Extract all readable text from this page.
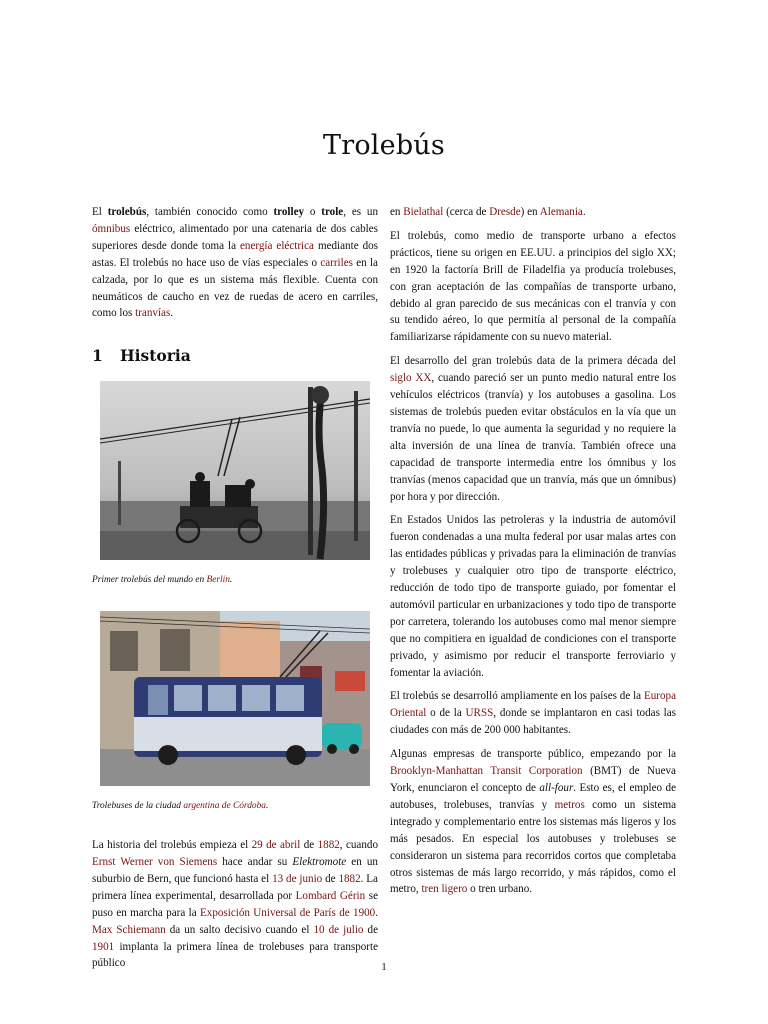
Trolebús

El trolebús, también conocido como trolley o trole, es un ómnibus eléctrico, alimentado por una catenaria de dos cables superiores desde donde toma la energía eléctrica mediante dos astas. El trolebús no hace uso de vías especiales o carriles en la calzada, por lo que es un sistema más flexible. Cuenta con neumáticos de caucho en vez de ruedas de acero en carriles, como los tranvías.

1 Historia
Primer trolebús del mundo en Berlín.
Trolebuses de la ciudad argentina de Córdoba.

La historia del trolebús empieza el 29 de abril de 1882, cuando Ernst Werner von Siemens hace andar su Elektromote en un suburbio de Bern, que funcionó hasta el 13 de junio de 1882. La primera línea experimental, desarrollada por Lombard Gérin se puso en marcha para la Exposición Universal de París de 1900. Max Schiemann da un salto decisivo cuando el 10 de julio de 1901 implanta la primera línea de trolebuses para transporte público

en Bielathal (cerca de Dresde) en Alemania.

El trolebús, como medio de transporte urbano a efectos prácticos, tiene su origen en EE.UU. a principios del siglo XX; en 1920 la factoría Brill de Filadelfia ya producía trolebuses, con gran aceptación de las compañías de transporte urbano, debido al gran parecido de sus mecánicas con el tranvía y con su tendido aéreo, lo que permitía al personal de la compañía familiarizarse rápidamente con su nuevo material.

El desarrollo del gran trolebús data de la primera década del siglo XX, cuando pareció ser un punto medio natural entre los vehículos eléctricos (tranvía) y los autobuses a gasolina. Los sistemas de trolebús pueden evitar obstáculos en la vía que un tranvía no puede, lo que aumenta la seguridad y no requiere la alta inversión de una línea de tranvía. También ofrece una capacidad de transporte intermedia entre los ómnibus y los tranvías (menos capacidad que un tranvía, más que un ómnibus) por hora y por dirección.

En Estados Unidos las petroleras y la industria de automóvil fueron condenadas a una multa federal por usar malas artes con las entidades públicas y privadas para la eliminación de tranvías y trolebuses y cualquier otro tipo de transporte eléctrico, reducción de todo tipo de transporte guiado, por fomentar el automóvil particular en urbanizaciones y todo tipo de transporte por carretera, tolerando los autobuses como mal menor siempre que no compitiera en igualdad de condiciones con el transporte privado, y asimismo por reducir el transporte ferroviario y fomentar la aviación.

El trolebús se desarrolló ampliamente en los países de la Europa Oriental o de la URSS, donde se implantaron en casi todas las ciudades con más de 200 000 habitantes.

Algunas empresas de transporte público, empezando por la Brooklyn-Manhattan Transit Corporation (BMT) de Nueva York, enunciaron el concepto de all-four. Esto es, el empleo de autobuses, trolebuses, tranvías y metros como un sistema integrado y complementario entre los sistemas más ligeros y los más pesados. En especial los autobuses y trolebuses se consideraron un sistema para recorridos cortos que completaba otros sistemas de más largo recorrido, y más rápidos, como el metro, tren ligero o tren urbano.

1
